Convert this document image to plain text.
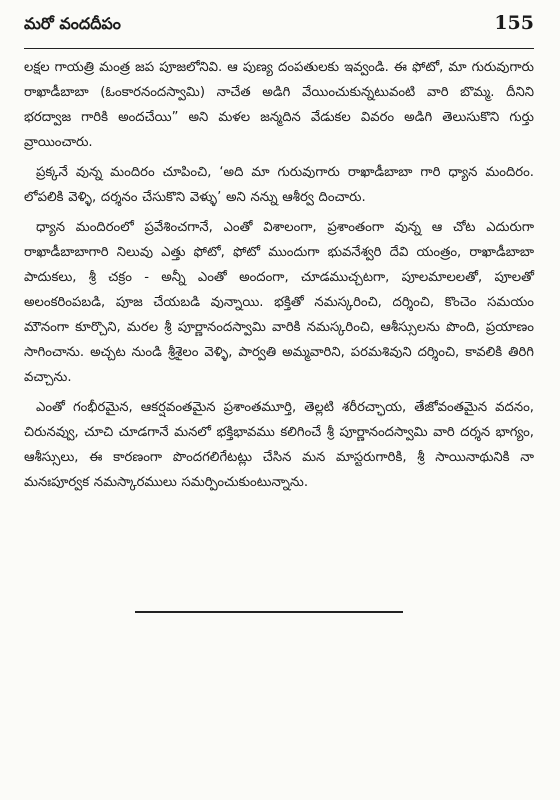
మరో వందదీపం	155

లక్షల గాయత్రి మంత్ర జప పూజలోనివి. ఆ పుణ్య దంపతులకు ఇవ్వండి. ఈ ఫోటో, మా గురువుగారు రాఖాడీబాబా (ఓంకారనందస్వామి) నాచేత అడిగి వేయించుకున్నటువంటి వారి బొమ్మ. దీనిని భరద్వాజ గారికి అందచేయి” అని మళల జన్మదిన వేడుకల వివరం అడిగి తెలుసుకొని గుర్తు వ్రాయించారు.

ప్రక్కనే వున్న మందిరం చూపించి, ‘అది మా గురువుగారు రాఖాడీబాబా గారి ధ్యాన మందిరం. లోపలికి వెళ్ళి, దర్శనం చేసుకొని వెళ్ళు’ అని నన్ను ఆశీర్వ దించారు.

ధ్యాన మందిరంలో ప్రవేశించగానే, ఎంతో విశాలంగా, ప్రశాంతంగా వున్న ఆ చోట ఎదురుగా రాఖాడీబాబాగారి నిలువు ఎత్తు ఫోటో, ఫోటో ముందుగా భువనేశ్వరి దేవి యంత్రం, రాఖాడీబాబా పాదుకలు, శ్రీ చక్రం - అన్నీ ఎంతో అందంగా, చూడముచ్చటగా, పూలమాలలతో, పూలతో అలంకరింపబడి, పూజ చేయబడి వున్నాయి. భక్తితో నమస్కరించి, దర్శించి, కొంచెం సమయం మౌనంగా కూర్చొని, మరల శ్రీ పూర్ణానందస్వామి వారికి నమస్కరించి, ఆశీస్సులను పొంది, ప్రయాణం సాగించాను. అచ్చట నుండి శ్రీశైలం వెళ్ళి, పార్వతి అమ్మవారిని, పరమశివుని దర్శించి, కావలికి తిరిగి వచ్చాను.

ఎంతో గంభీరమైన, ఆకర్షవంతమైన ప్రశాంతమూర్తి, తెల్లటి శరీరచ్ఛాయ, తేజోవంతమైన వదనం, చిరునవ్వు, చూచి చూడగానే మనలో భక్తిభావము కలిగించే శ్రీ పూర్ణానందస్వామి వారి దర్శన భాగ్యం, ఆశీస్సులు, ఈ కారణంగా పొందగలిగేటట్లు చేసిన మన మాస్టరుగారికి, శ్రీ సాయినాథునికి నా మనఃపూర్వక నమస్కారములు సమర్పించుకుంటున్నాను.
